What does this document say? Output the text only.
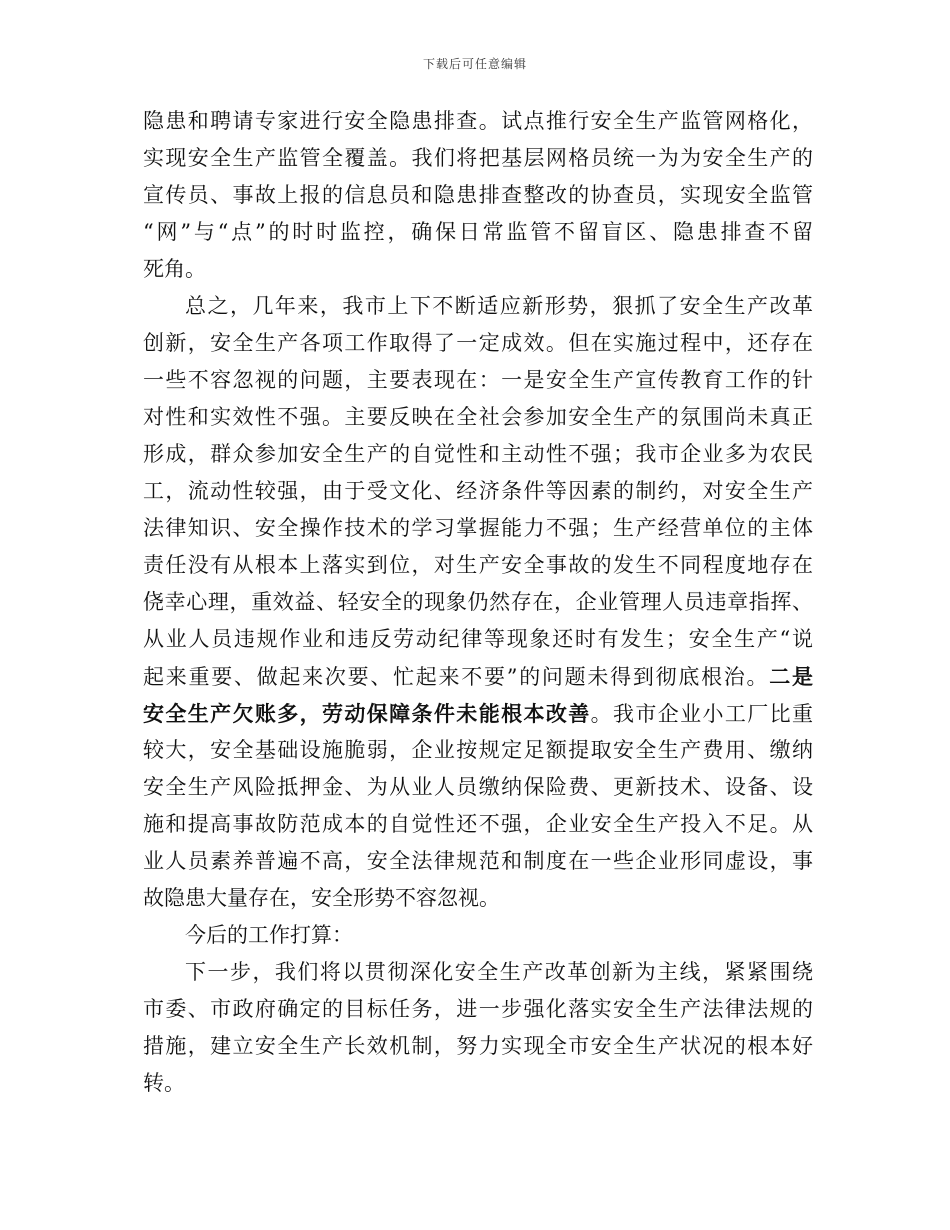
下载后可任意编辑
隐患和聘请专家进行安全隐患排查。试点推行安全生产监管网格化，
实现安全生产监管全覆盖。我们将把基层网格员统一为为安全生产的
宣传员、事故上报的信息员和隐患排查整改的协查员，实现安全监管
“网”与“点”的时时监控，确保日常监管不留盲区、隐患排查不留
死角。
总之，几年来，我市上下不断适应新形势，狠抓了安全生产改革
创新，安全生产各项工作取得了一定成效。但在实施过程中，还存在
一些不容忽视的问题，主要表现在：一是安全生产宣传教育工作的针
对性和实效性不强。主要反映在全社会参加安全生产的氛围尚未真正
形成，群众参加安全生产的自觉性和主动性不强；我市企业多为农民
工，流动性较强，由于受文化、经济条件等因素的制约，对安全生产
法律知识、安全操作技术的学习掌握能力不强；生产经营单位的主体
责任没有从根本上落实到位，对生产安全事故的发生不同程度地存在
侥幸心理，重效益、轻安全的现象仍然存在，企业管理人员违章指挥、
从业人员违规作业和违反劳动纪律等现象还时有发生；安全生产“说
起来重要、做起来次要、忙起来不要”的问题未得到彻底根治。二是
安全生产欠账多，劳动保障条件未能根本改善。我市企业小工厂比重
较大，安全基础设施脆弱，企业按规定足额提取安全生产费用、缴纳
安全生产风险抵押金、为从业人员缴纳保险费、更新技术、设备、设
施和提高事故防范成本的自觉性还不强，企业安全生产投入不足。从
业人员素养普遍不高，安全法律规范和制度在一些企业形同虚设，事
故隐患大量存在，安全形势不容忽视。
今后的工作打算：
下一步，我们将以贯彻深化安全生产改革创新为主线，紧紧围绕
市委、市政府确定的目标任务，进一步强化落实安全生产法律法规的
措施，建立安全生产长效机制，努力实现全市安全生产状况的根本好
转。
